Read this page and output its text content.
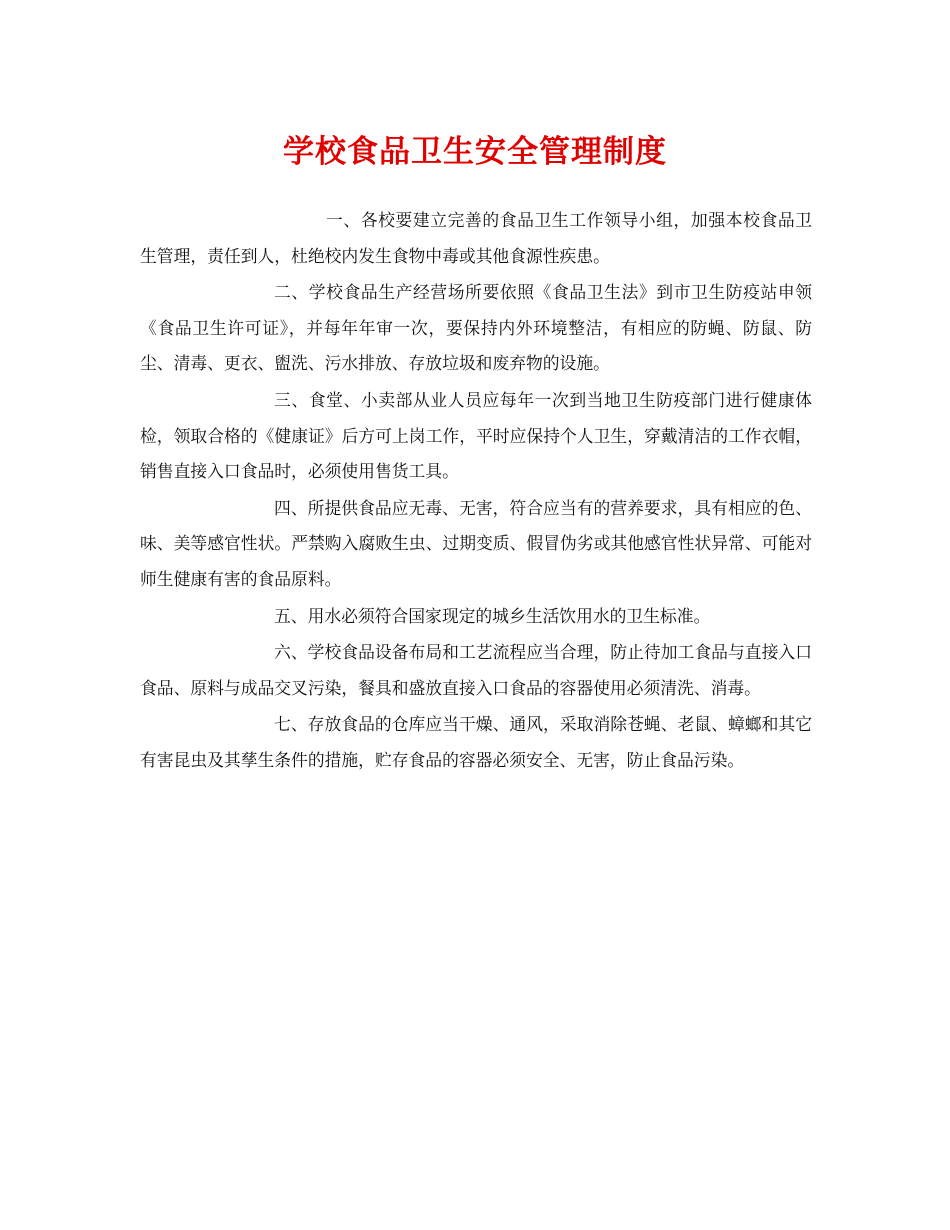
学校食品卫生安全管理制度

一、各校要建立完善的食品卫生工作领导小组，加强本校食品卫生管理，责任到人，杜绝校内发生食物中毒或其他食源性疾患。

二、学校食品生产经营场所要依照《食品卫生法》到市卫生防疫站申领《食品卫生许可证》，并每年年审一次，要保持内外环境整洁，有相应的防蝇、防鼠、防尘、清毒、更衣、盥洗、污水排放、存放垃圾和废弃物的设施。

三、食堂、小卖部从业人员应每年一次到当地卫生防疫部门进行健康体检，领取合格的《健康证》后方可上岗工作，平时应保持个人卫生，穿戴清洁的工作衣帽，销售直接入口食品时，必须使用售货工具。

四、所提供食品应无毒、无害，符合应当有的营养要求，具有相应的色、味、美等感官性状。严禁购入腐败生虫、过期变质、假冒伪劣或其他感官性状异常、可能对师生健康有害的食品原料。

五、用水必须符合国家现定的城乡生活饮用水的卫生标准。

六、学校食品设备布局和工艺流程应当合理，防止待加工食品与直接入口食品、原料与成品交叉污染，餐具和盛放直接入口食品的容器使用必须清洗、消毒。

七、存放食品的仓库应当干燥、通风，采取消除苍蝇、老鼠、蟑螂和其它有害昆虫及其孳生条件的措施，贮存食品的容器必须安全、无害，防止食品污染。
